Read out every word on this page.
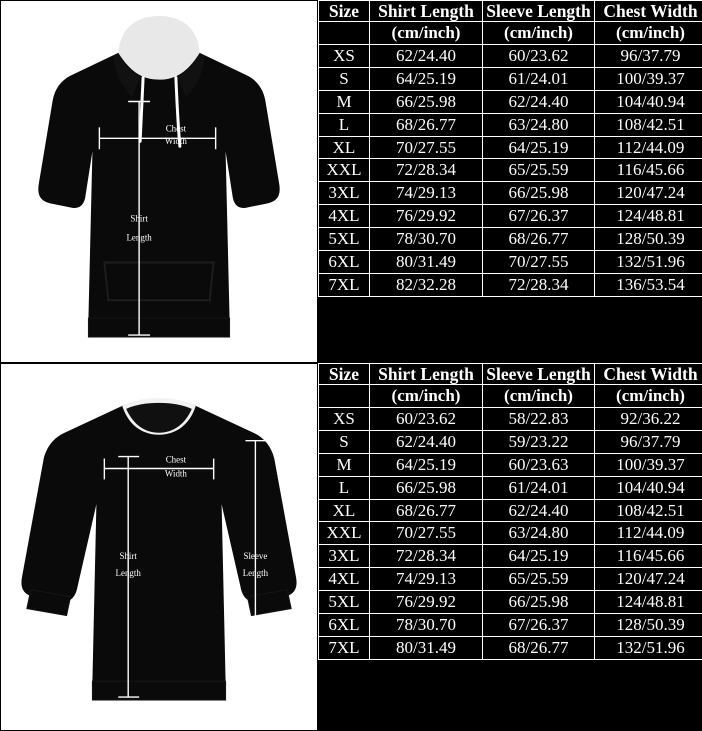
Chest
Width
Shirt
Length
Size	Shirt Length	Sleeve Length	Chest Width
	(cm/inch)	(cm/inch)	(cm/inch)
XS	62/24.40	60/23.62	96/37.79
S	64/25.19	61/24.01	100/39.37
M	66/25.98	62/24.40	104/40.94
L	68/26.77	63/24.80	108/42.51
XL	70/27.55	64/25.19	112/44.09
XXL	72/28.34	65/25.59	116/45.66
3XL	74/29.13	66/25.98	120/47.24
4XL	76/29.92	67/26.37	124/48.81
5XL	78/30.70	68/26.77	128/50.39
6XL	80/31.49	70/27.55	132/51.96
7XL	82/32.28	72/28.34	136/53.54
Chest
Width
Shirt
Length
Sleeve
Length
Size	Shirt Length	Sleeve Length	Chest Width
	(cm/inch)	(cm/inch)	(cm/inch)
XS	60/23.62	58/22.83	92/36.22
S	62/24.40	59/23.22	96/37.79
M	64/25.19	60/23.63	100/39.37
L	66/25.98	61/24.01	104/40.94
XL	68/26.77	62/24.40	108/42.51
XXL	70/27.55	63/24.80	112/44.09
3XL	72/28.34	64/25.19	116/45.66
4XL	74/29.13	65/25.59	120/47.24
5XL	76/29.92	66/25.98	124/48.81
6XL	78/30.70	67/26.37	128/50.39
7XL	80/31.49	68/26.77	132/51.96
